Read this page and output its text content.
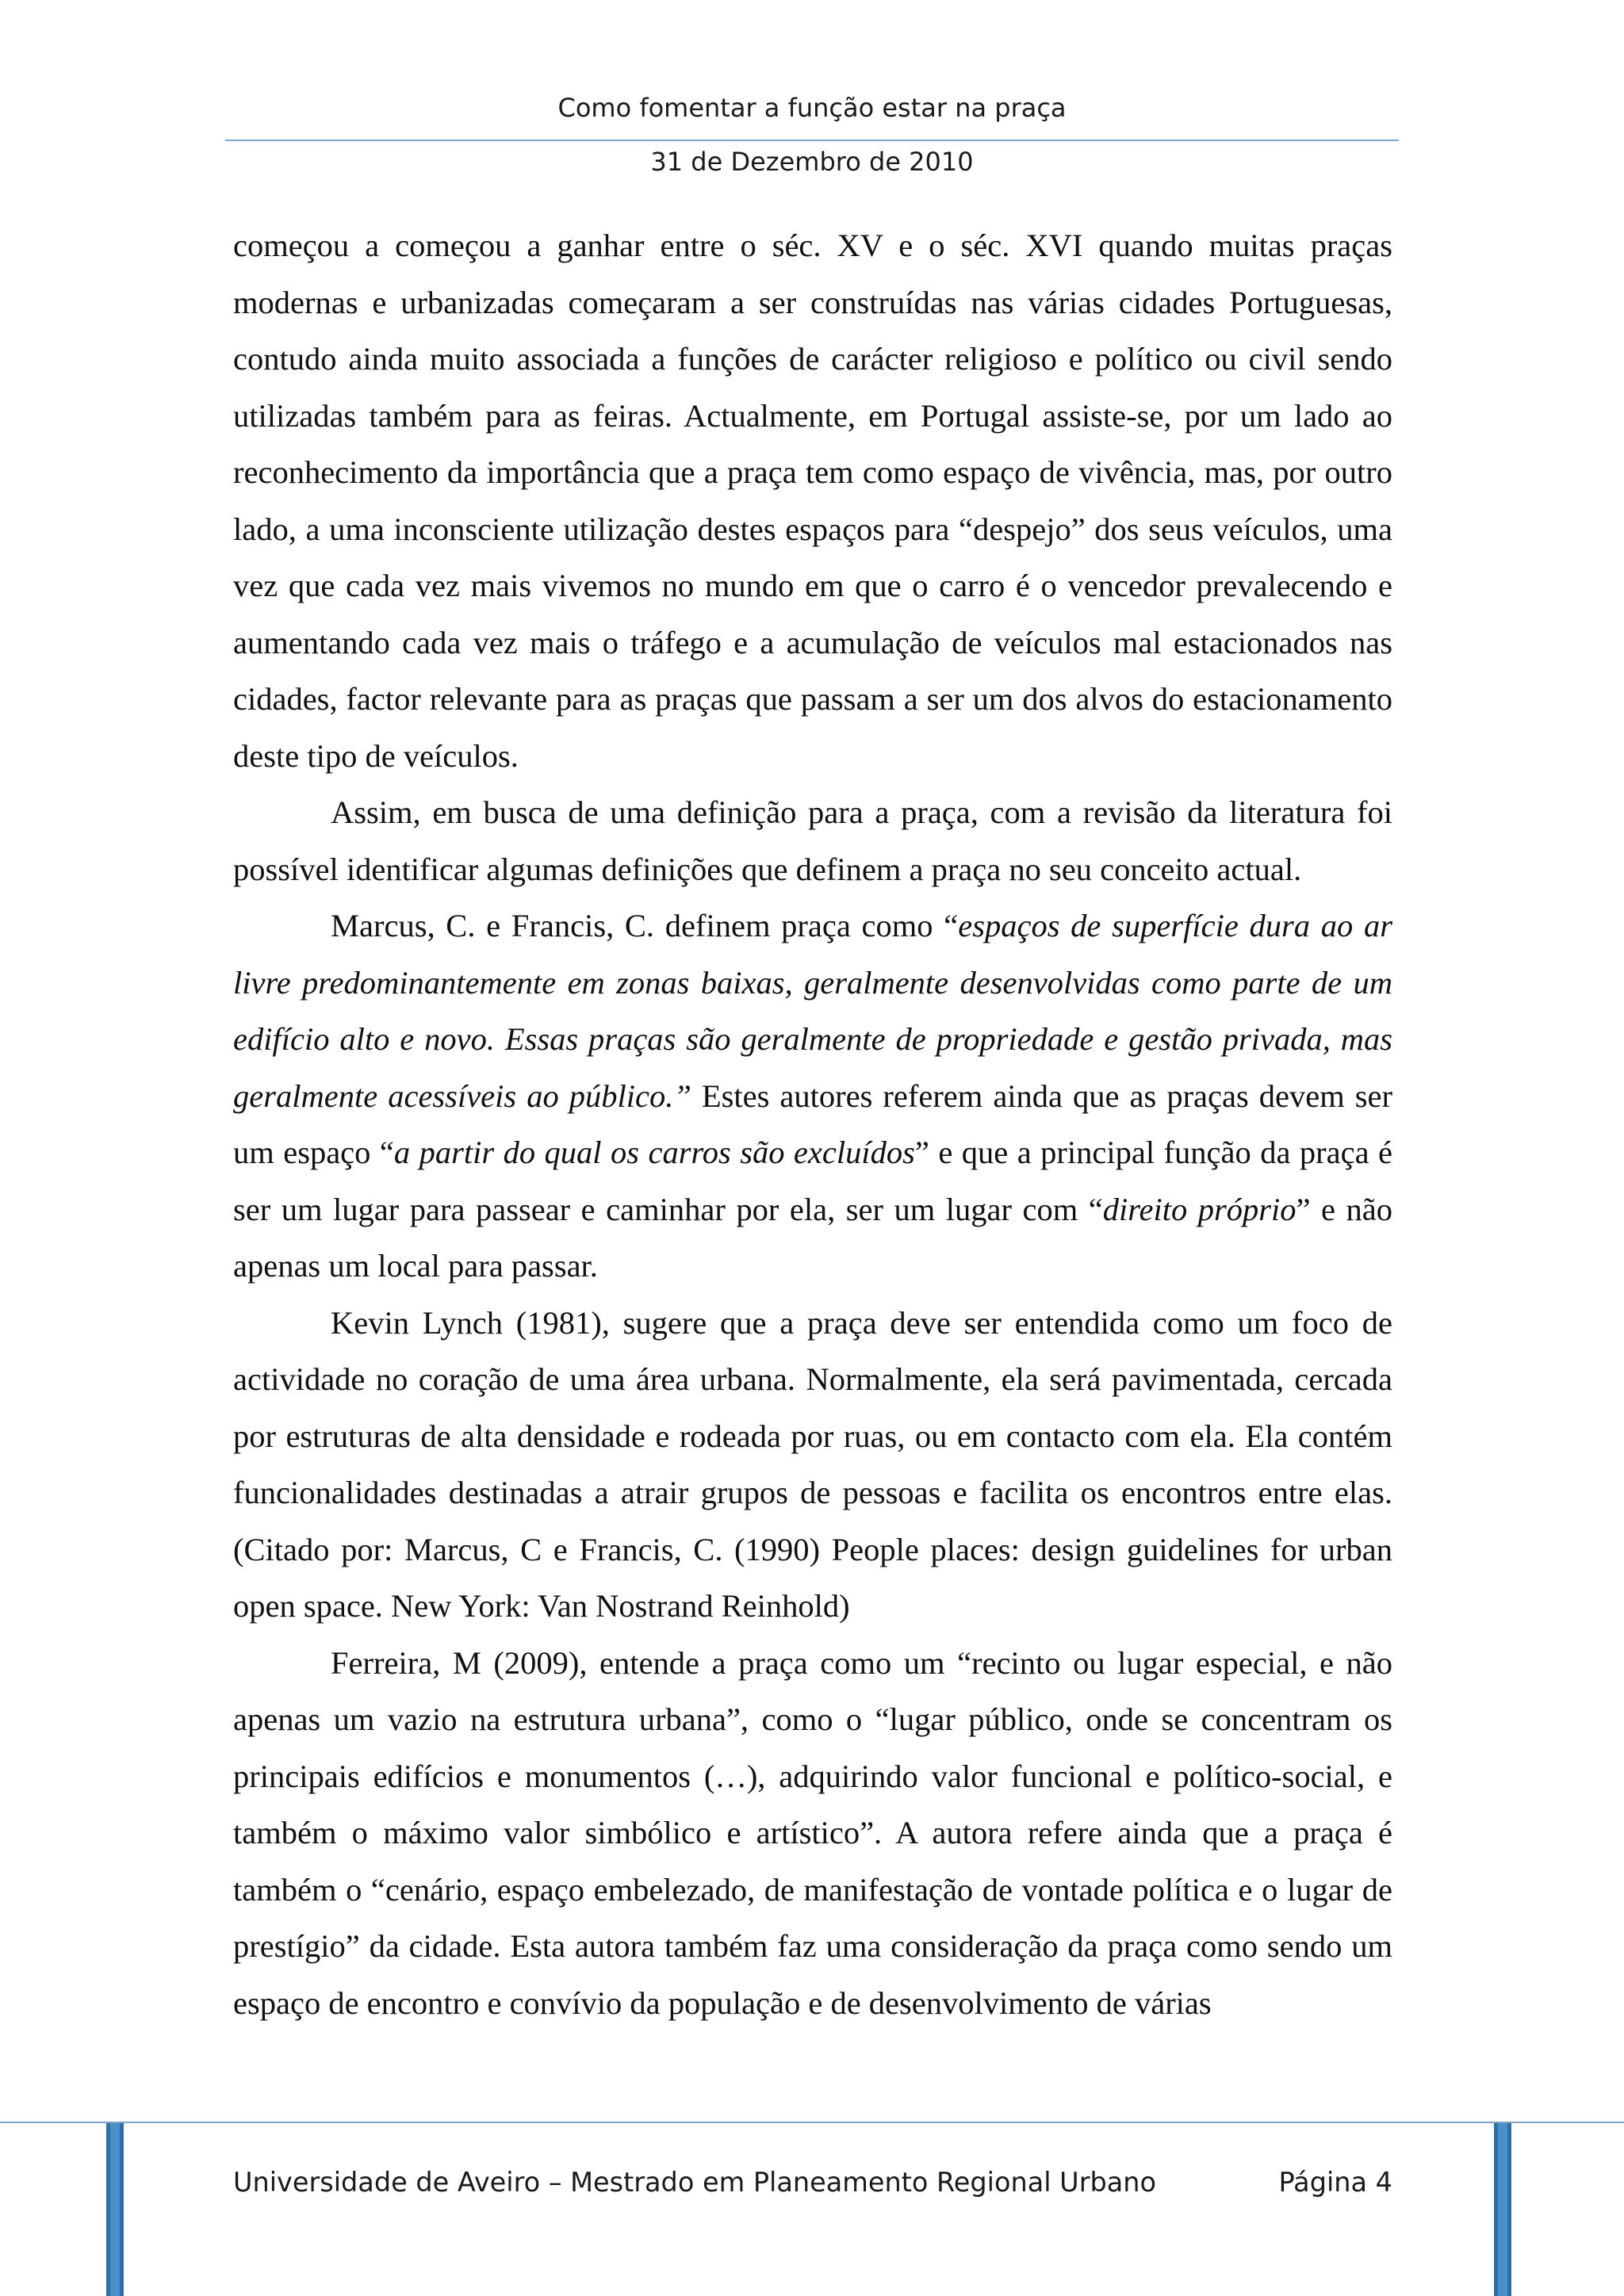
Como fomentar a função estar na praça
31 de Dezembro de 2010

começou a começou a ganhar entre o séc. XV e o séc. XVI quando muitas praças modernas e urbanizadas começaram a ser construídas nas várias cidades Portuguesas, contudo ainda muito associada a funções de carácter religioso e político ou civil sendo utilizadas também para as feiras. Actualmente, em Portugal assiste-se, por um lado ao reconhecimento da importância que a praça tem como espaço de vivência, mas, por outro lado, a uma inconsciente utilização destes espaços para “despejo” dos seus veículos, uma vez que cada vez mais vivemos no mundo em que o carro é o vencedor prevalecendo e aumentando cada vez mais o tráfego e a acumulação de veículos mal estacionados nas cidades, factor relevante para as praças que passam a ser um dos alvos do estacionamento deste tipo de veículos.

Assim, em busca de uma definição para a praça, com a revisão da literatura foi possível identificar algumas definições que definem a praça no seu conceito actual.

Marcus, C. e Francis, C. definem praça como “espaços de superfície dura ao ar livre predominantemente em zonas baixas, geralmente desenvolvidas como parte de um edifício alto e novo. Essas praças são geralmente de propriedade e gestão privada, mas geralmente acessíveis ao público.” Estes autores referem ainda que as praças devem ser um espaço “a partir do qual os carros são excluídos” e que a principal função da praça é ser um lugar para passear e caminhar por ela, ser um lugar com “direito próprio” e não apenas um local para passar.

Kevin Lynch (1981), sugere que a praça deve ser entendida como um foco de actividade no coração de uma área urbana. Normalmente, ela será pavimentada, cercada por estruturas de alta densidade e rodeada por ruas, ou em contacto com ela. Ela contém funcionalidades destinadas a atrair grupos de pessoas e facilita os encontros entre elas. (Citado por: Marcus, C e Francis, C. (1990) People places: design guidelines for urban open space. New York: Van Nostrand Reinhold)

Ferreira, M (2009), entende a praça como um “recinto ou lugar especial, e não apenas um vazio na estrutura urbana”, como o “lugar público, onde se concentram os principais edifícios e monumentos (…), adquirindo valor funcional e político-social, e também o máximo valor simbólico e artístico”. A autora refere ainda que a praça é também o “cenário, espaço embelezado, de manifestação de vontade política e o lugar de prestígio” da cidade. Esta autora também faz uma consideração da praça como sendo um espaço de encontro e convívio da população e de desenvolvimento de várias

Universidade de Aveiro – Mestrado em Planeamento Regional Urbano	Página 4
